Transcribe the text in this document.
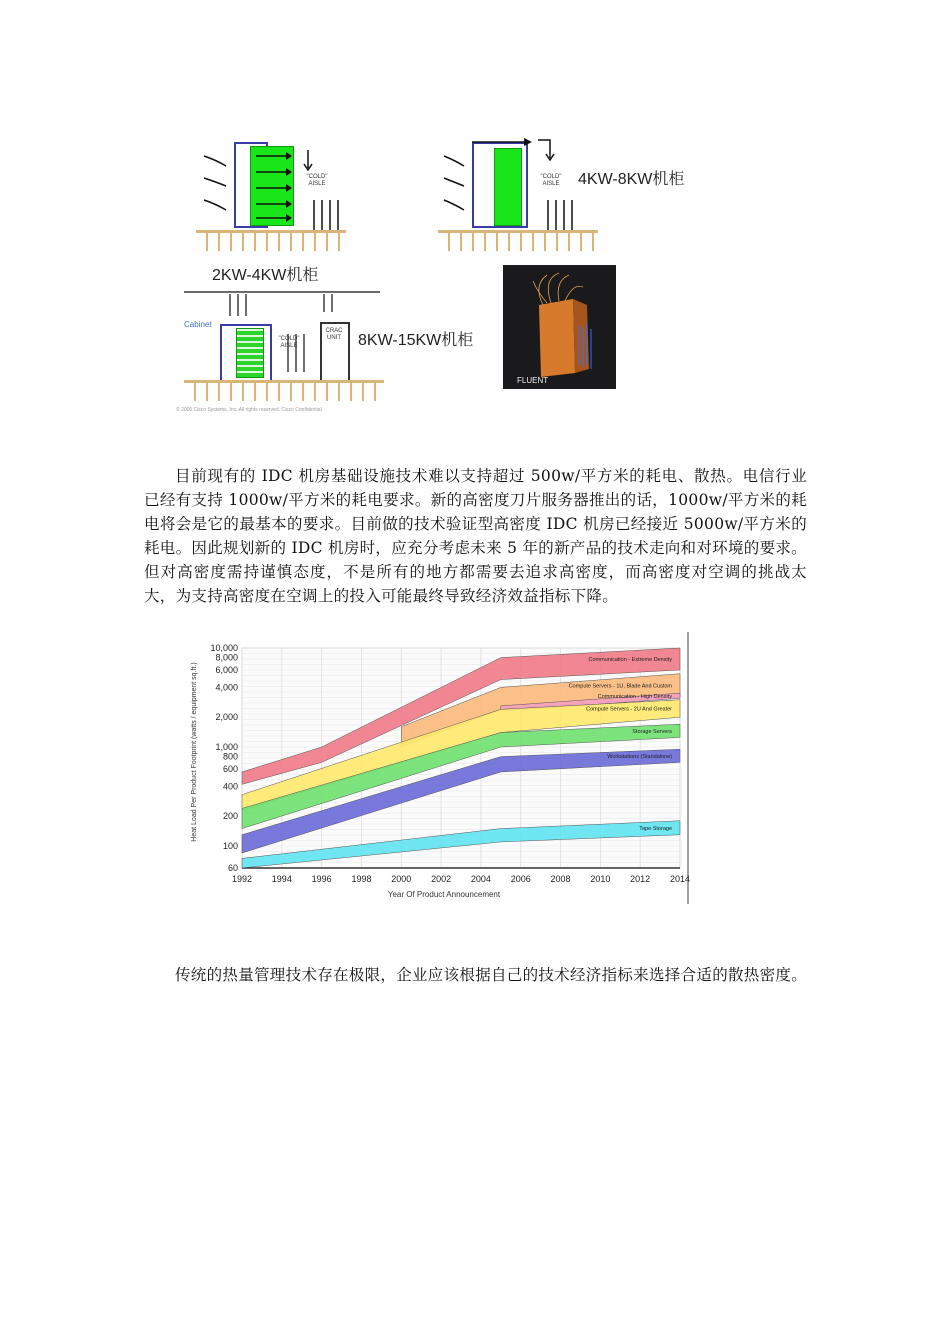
"COLD" AISLE
"COLD" AISLE	4KW-8KW机柜
2KW-4KW机柜
Cabinet
"COLD" AISLE
CRAC UNIT	8KW-15KW机柜
FLUENT
© 2006 Cisco Systems, Inc. All rights reserved. Cisco Confidential

目前现有的 IDC 机房基础设施技术难以支持超过 500w/平方米的耗电、散热。电信行业已经有支持 1000w/平方米的耗电要求。新的高密度刀片服务器推出的话，1000w/平方米的耗电将会是它的最基本的要求。目前做的技术验证型高密度 IDC 机房已经接近 5000w/平方米的耗电。因此规划新的 IDC 机房时，应充分考虑未来 5 年的新产品的技术走向和对环境的要求。但对高密度需持谨慎态度，不是所有的地方都需要去追求高密度，而高密度对空调的挑战太大，为支持高密度在空调上的投入可能最终导致经济效益指标下降。

60
100
200
400
600
800
1,000
2,000
4,000
6,000
8,000
10,000
1992 1994 1996 1998 2000 2002 2004 2006 2008 2010 2012 2014
Communication - Extreme Density
Compute Servers - 1U, Blade And Custom
Communication - High Density
Compute Servers - 2U And Greater
Storage Servers
Workstations (Standalone)
Tape Storage
Year Of Product Announcement
Heat Load Per Product Footprint (watts / equipment sq.ft.)

传统的热量管理技术存在极限，企业应该根据自己的技术经济指标来选择合适的散热密度。
